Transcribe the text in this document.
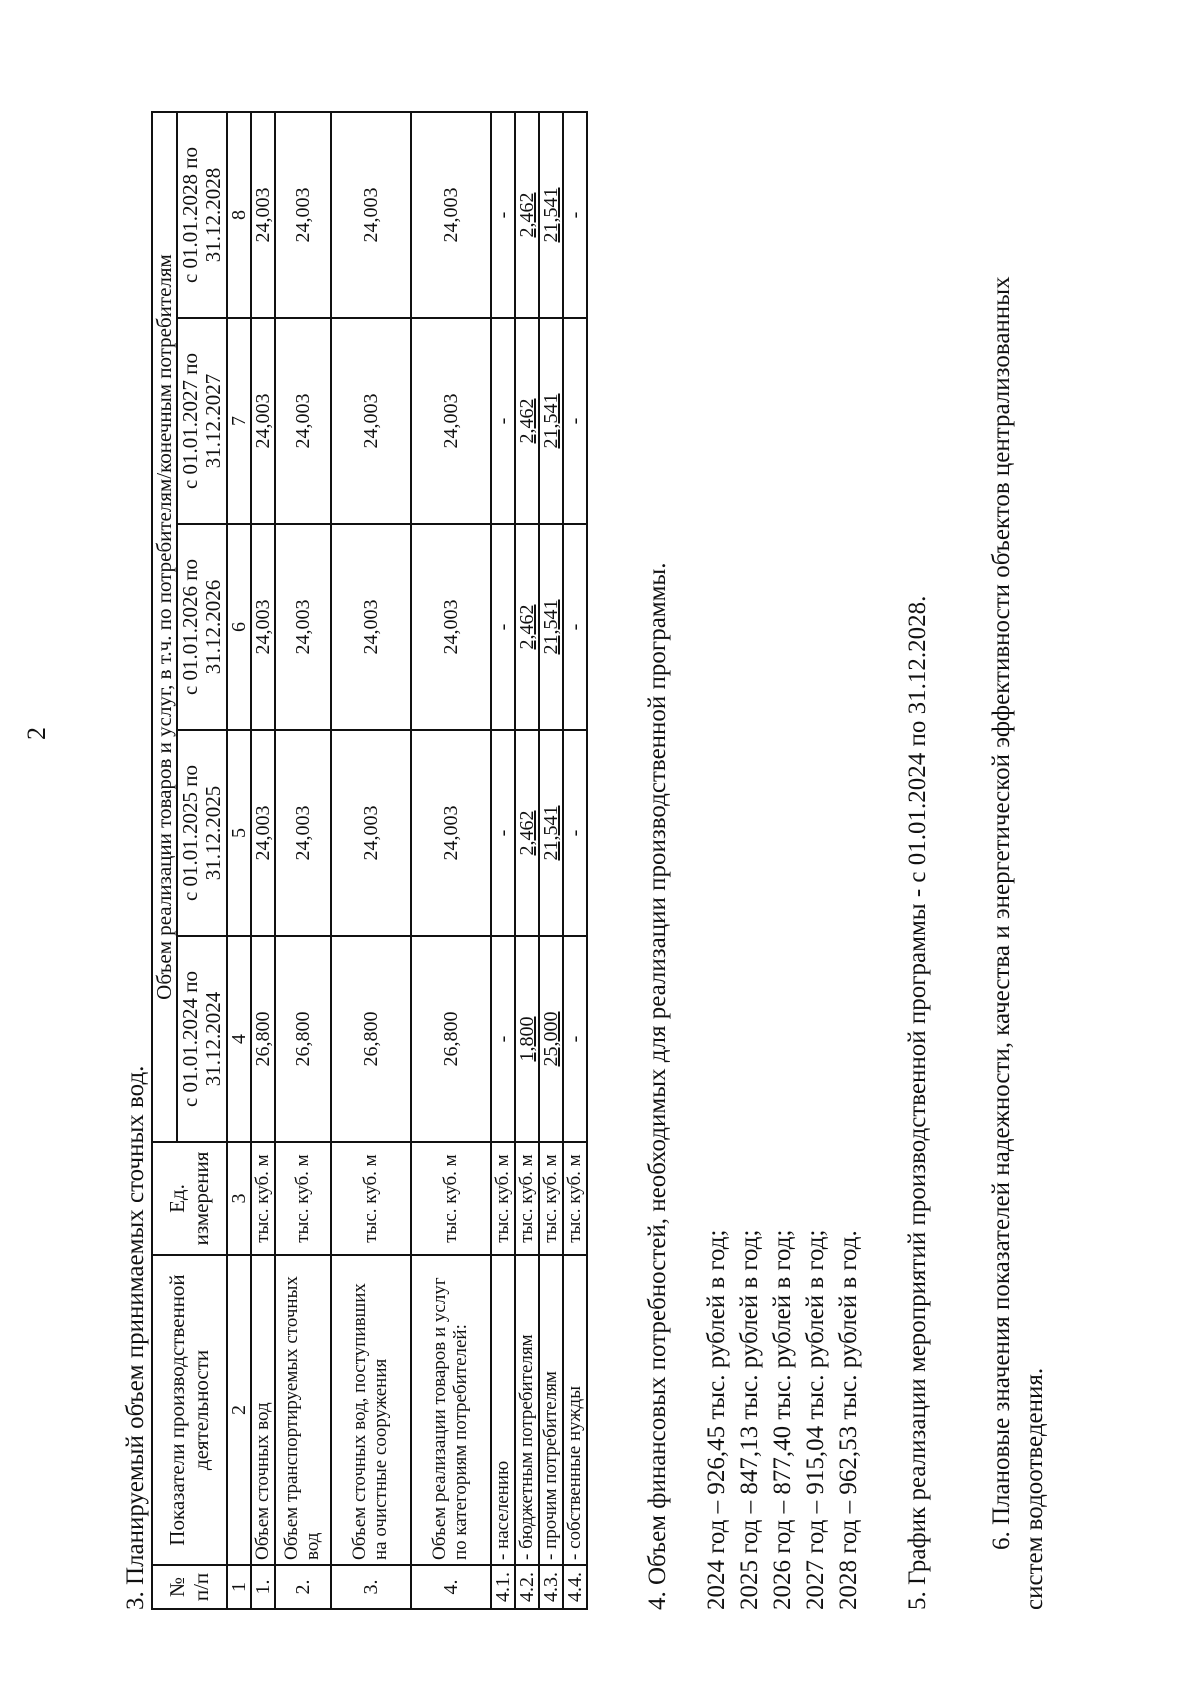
2
3. Планируемый объем принимаемых сточных вод. № п/п	Показатели производственной деятельности	Ед. измерения	Объем реализации товаров и услуг, в т.ч. по потребителям/конечным потребителям				
			с 01.01.2024 по 31.12.2024	с 01.01.2025 по 31.12.2025	с 01.01.2026 по 31.12.2026	с 01.01.2027 по 31.12.2027	с 01.01.2028 по 31.12.2028
1	2	3	4	5	6	7	8
1.	Объем сточных вод	тыс. куб. м	26,800	24,003	24,003	24,003	24,003
2.	Объем транспортируемых сточных вод	тыс. куб. м	26,800	24,003	24,003	24,003	24,003
3.	Объем сточных вод, поступивших на очистные сооружения	тыс. куб. м	26,800	24,003	24,003	24,003	24,003
4.	Объем реализации товаров и услуг по категориям потребителей:	тыс. куб. м	26,800	24,003	24,003	24,003	24,003
4.1.	- населению	тыс. куб. м	-	-	-	-	-
4.2.	- бюджетным потребителям	тыс. куб. м	1,800	2,462	2,462	2,462	2,462
4.3.	- прочим потребителям	тыс. куб. м	25,000	21,541	21,541	21,541	21,541
4.4.	- собственные нужды	тыс. куб. м	-	-	-	-	-
4. Объем финансовых потребностей, необходимых для реализации производственной программы. 2024 год – 926,45 тыс. рублей в год; 2025 год – 847,13 тыс. рублей в год; 2026 год – 877,40 тыс. рублей в год; 2027 год – 915,04 тыс. рублей в год; 2028 год – 962,53 тыс. рублей в год. 5. График реализации мероприятий производственной программы - с 01.01.2024 по 31.12.2028. 6. Плановые значения показателей надежности, качества и энергетической эффективности объектов централизованных систем водоотведения.
